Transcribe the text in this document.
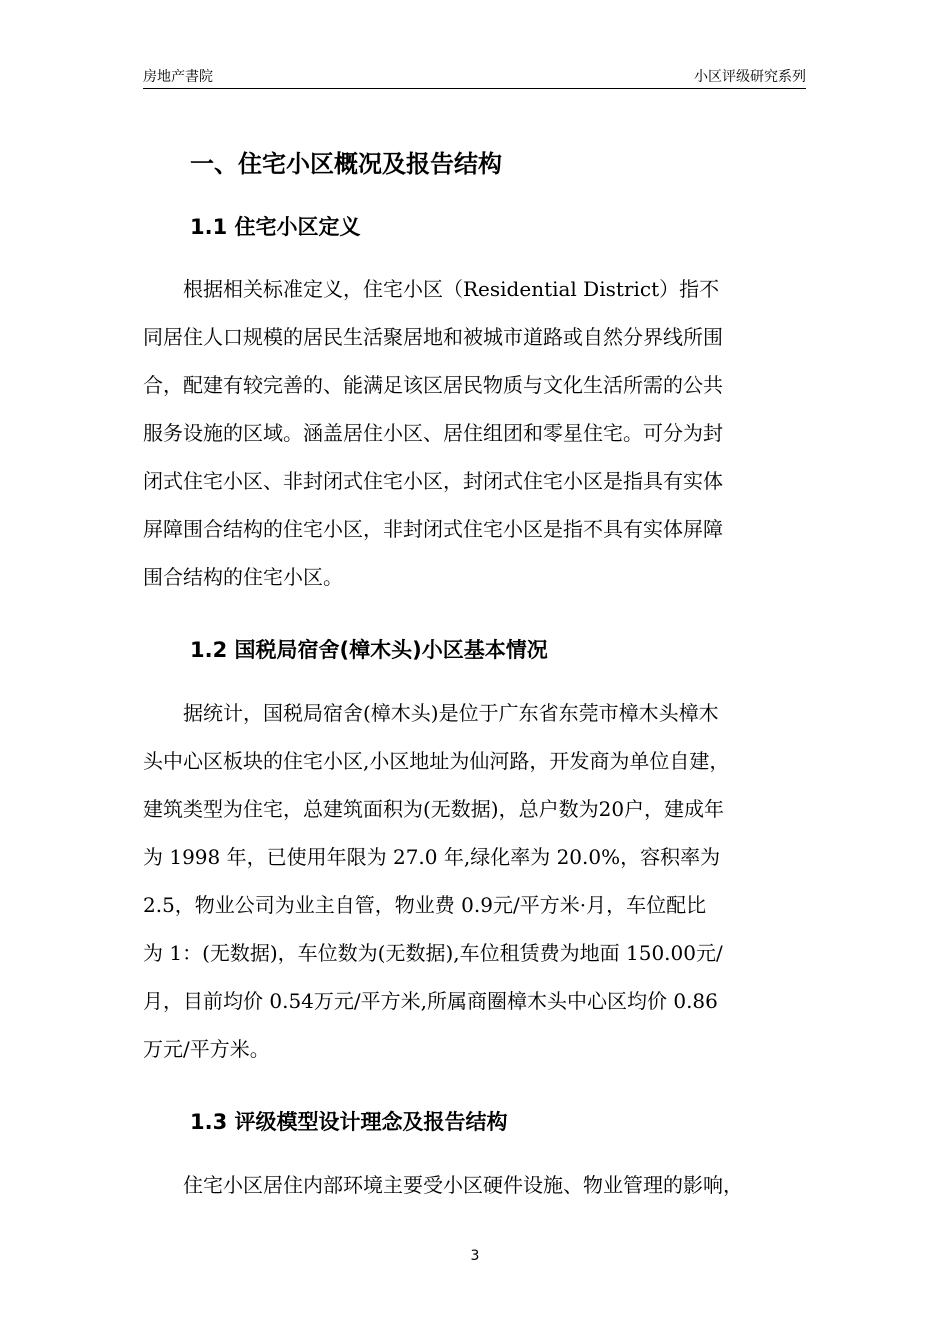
房地产書院	小区评级研究系列
一、住宅小区概况及报告结构
1.1 住宅小区定义
　　根据相关标准定义，住宅小区（Residential District）指不
同居住人口规模的居民生活聚居地和被城市道路或自然分界线所围
合，配建有较完善的、能满足该区居民物质与文化生活所需的公共
服务设施的区域。涵盖居住小区、居住组团和零星住宅。可分为封
闭式住宅小区、非封闭式住宅小区，封闭式住宅小区是指具有实体
屏障围合结构的住宅小区，非封闭式住宅小区是指不具有实体屏障
围合结构的住宅小区。
1.2 国税局宿舍(樟木头)小区基本情况
　　据统计，国税局宿舍(樟木头)是位于广东省东莞市樟木头樟木
头中心区板块的住宅小区,小区地址为仙河路，开发商为单位自建，
建筑类型为住宅，总建筑面积为(无数据)，总户数为20户，建成年
为 1998 年，已使用年限为 27.0 年,绿化率为 20.0%，容积率为
2.5，物业公司为业主自管，物业费 0.9元/平方米·月，车位配比
为 1：(无数据)，车位数为(无数据),车位租赁费为地面 150.00元/
月，目前均价 0.54万元/平方米,所属商圈樟木头中心区均价 0.86
万元/平方米。
1.3 评级模型设计理念及报告结构
　　住宅小区居住内部环境主要受小区硬件设施、物业管理的影响，
3
